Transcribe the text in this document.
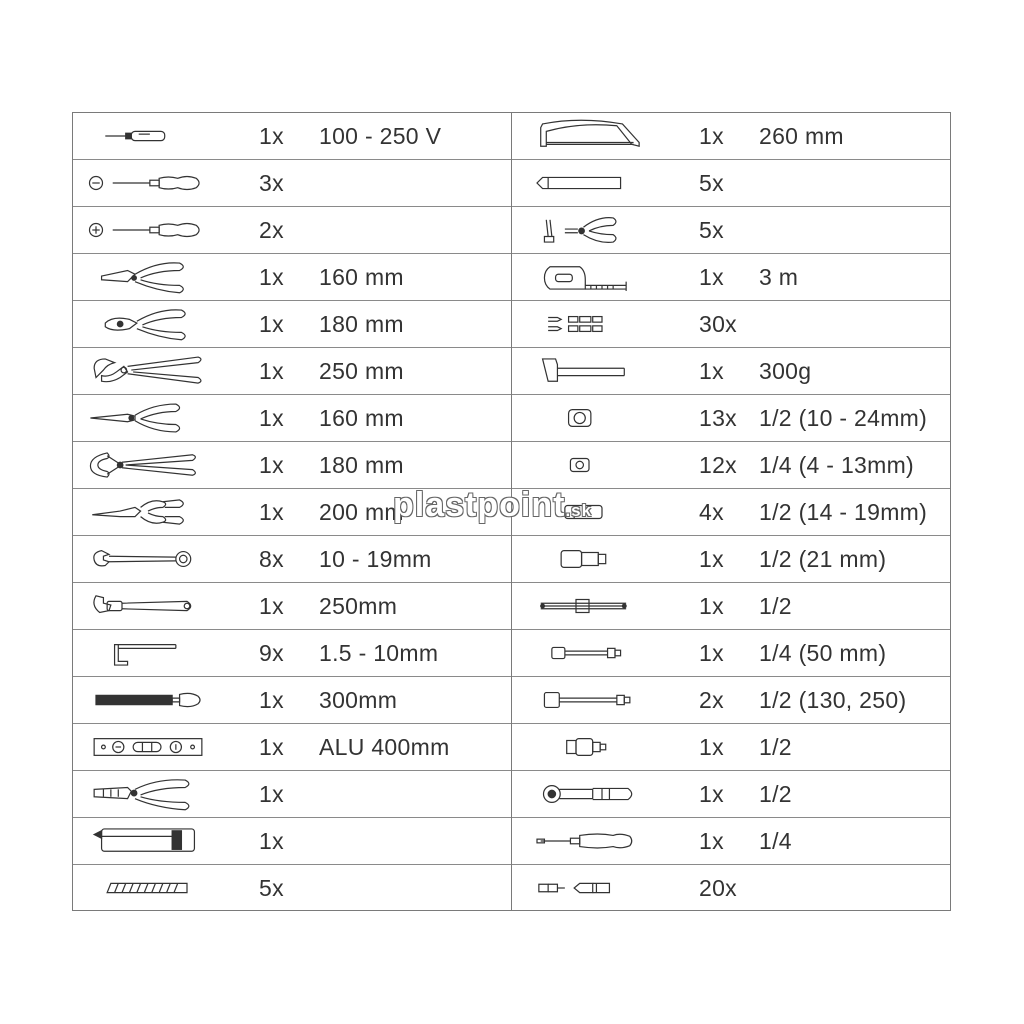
1x 100 - 250 V
3x
2x
1x 160 mm
1x 180 mm
1x 250 mm
1x 160 mm
1x 180 mm
1x 200 mm
8x 10 - 19mm
1x 250mm
9x 1.5 - 10mm
1x 300mm
1x ALU 400mm
1x
1x
5x
1x 260 mm
5x
5x
1x 3 m
30x
1x 300g
13x 1/2 (10 - 24mm)
12x 1/4 (4 - 13mm)
4x 1/2 (14 - 19mm)
1x 1/2 (21 mm)
1x 1/2
1x 1/4 (50 mm)
2x 1/2 (130, 250)
1x 1/2
1x 1/2
1x 1/4
20x
plastpoint.sk
